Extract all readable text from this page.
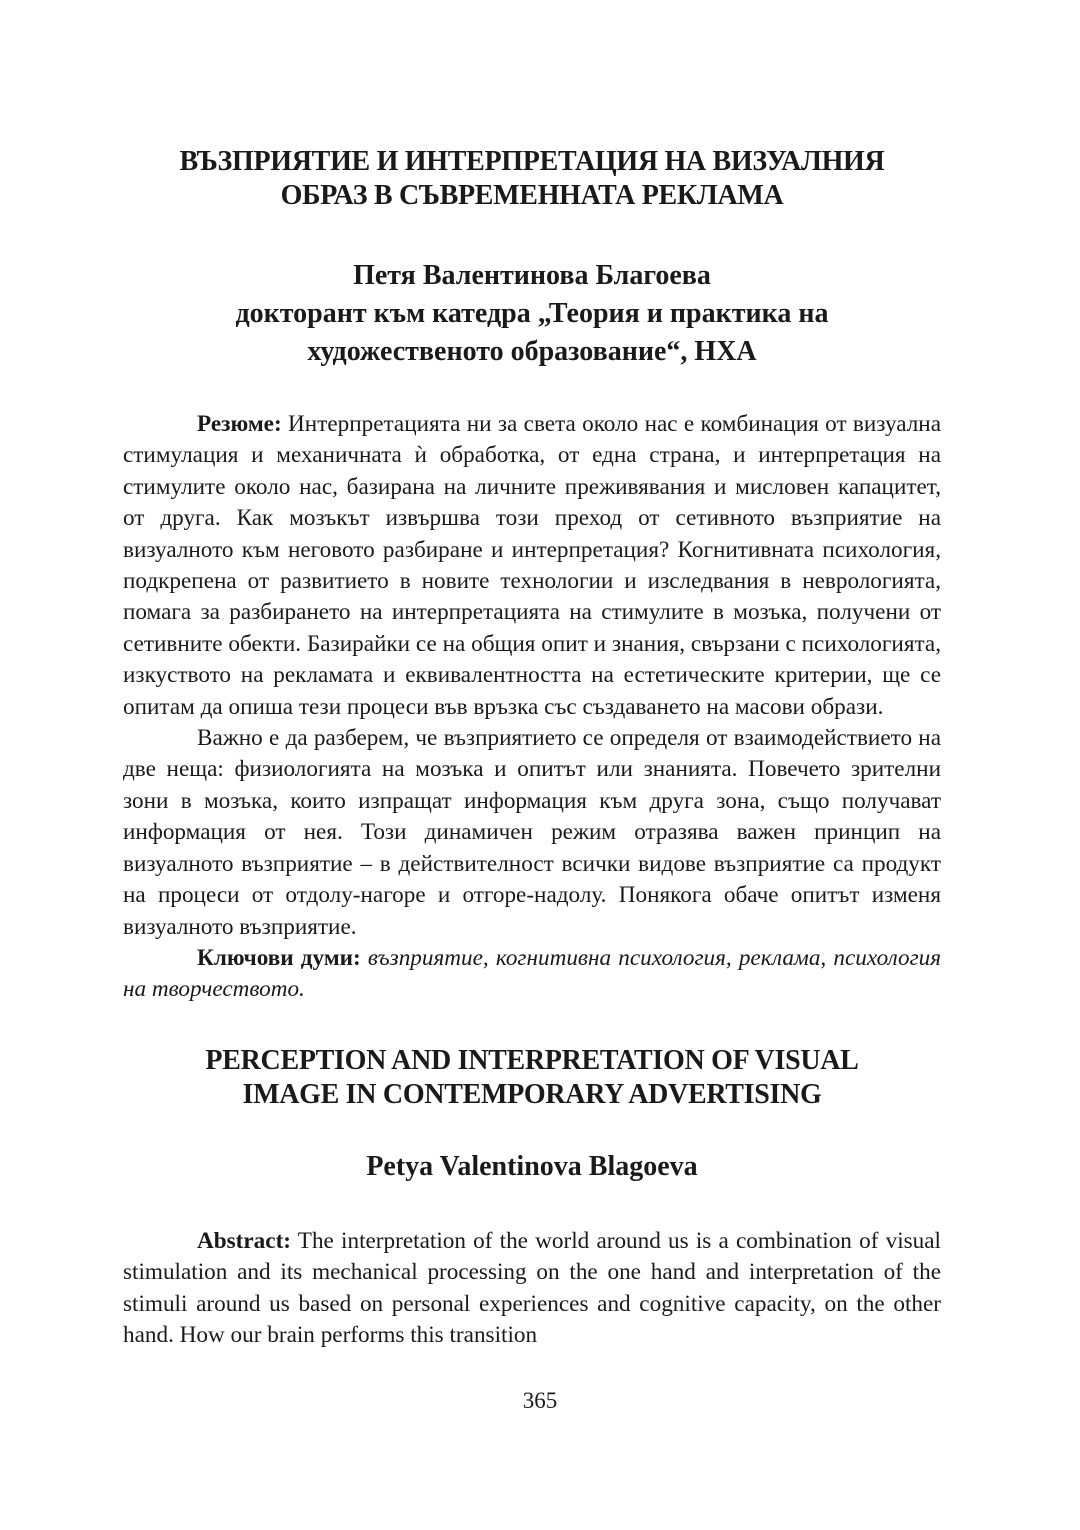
ВЪЗПРИЯТИЕ И ИНТЕРПРЕТАЦИЯ НА ВИЗУАЛНИЯ
ОБРАЗ В СЪВРЕМЕННАТА РЕКЛАМА
Петя Валентинова Благоева
докторант към катедра „Теория и практика на
художественото образование“, НХА

Резюме: Интерпретацията ни за света около нас е комбинация от визуална стимулация и механичната ѝ обработка, от една страна, и интерпретация на стимулите около нас, базирана на личните преживявания и мисловен капацитет, от друга. Как мозъкът извършва този преход от сетивното възприятие на визуалното към неговото разбиране и интерпретация? Когнитивната психология, подкрепена от развитието в новите технологии и изследвания в неврологията, помага за разбирането на интерпретацията на стимулите в мозъка, получени от сетивните обекти. Базирайки се на общия опит и знания, свързани с психологията, изкуството на рекламата и еквивалентността на естетическите критерии, ще се опитам да опиша тези процеси във връзка със създаването на масови образи.

Важно е да разберем, че възприятието се определя от взаимодействието на две неща: физиологията на мозъка и опитът или знанията. Повечето зрителни зони в мозъка, които изпращат информация към друга зона, също получават информация от нея. Този динамичен режим отразява важен принцип на визуалното възприятие – в действителност всички видове възприятие са продукт на процеси от отдолу-нагоре и отгоре-надолу. Понякога обаче опитът изменя визуалното възприятие.

Ключови думи: възприятие, когнитивна психология, реклама, психология на творчеството.

PERCEPTION AND INTERPRETATION OF VISUAL
IMAGE IN CONTEMPORARY ADVERTISING
Petya Valentinova Blagoeva

Abstract: The interpretation of the world around us is a combination of visual stimulation and its mechanical processing on the one hand and interpretation of the stimuli around us based on personal experiences and cognitive capacity, on the other hand. How our brain performs this transition

365
